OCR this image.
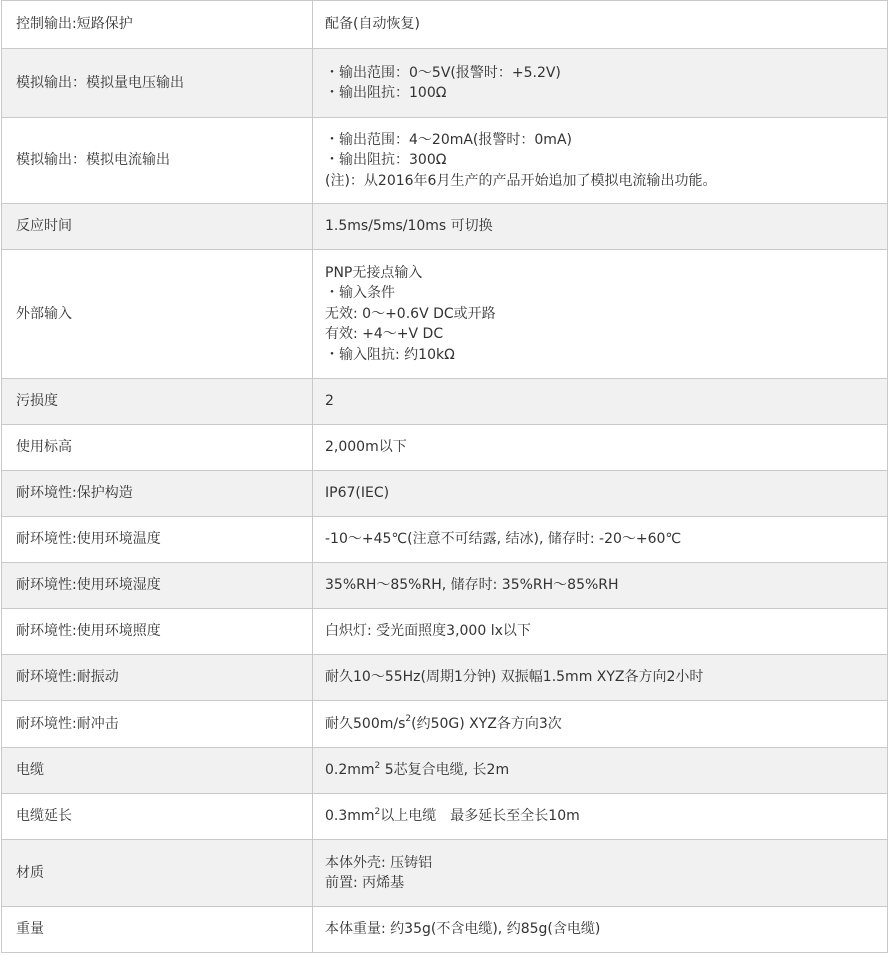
控制输出:短路保护	配备(自动恢复)

模拟输出：模拟量电压输出	・输出范围：0～5V(报警时：+5.2V)
・输出阻抗：100Ω

模拟输出：模拟电流输出	・输出范围：4～20mA(报警时：0mA)
・输出阻抗：300Ω
(注)：从2016年6月生产的产品开始追加了模拟电流输出功能。

反应时间	1.5ms/5ms/10ms 可切换

外部输入	PNP无接点输入
・输入条件
无效: 0～+0.6V DC或开路
有效: +4～+V DC
・输入阻抗: 约10kΩ

污损度	2

使用标高	2,000m以下

耐环境性:保护构造	IP67(IEC)

耐环境性:使用环境温度	-10～+45℃(注意不可结露, 结冰), 储存时: -20～+60℃

耐环境性:使用环境湿度	35%RH～85%RH, 储存时: 35%RH～85%RH

耐环境性:使用环境照度	白炽灯: 受光面照度3,000 lx以下

耐环境性:耐振动	耐久10～55Hz(周期1分钟) 双振幅1.5mm XYZ各方向2小时

耐环境性:耐冲击	耐久$500m/s^2$(约50G) XYZ各方向3次

电缆	$0.2mm^2$ 5芯复合电缆, 长2m

电缆延长	$0.3mm^2$以上电缆　最多延长至全长10m

材质	本体外壳: 压铸铝
前置: 丙烯基

重量	本体重量: 约35g(不含电缆), 约85g(含电缆)
